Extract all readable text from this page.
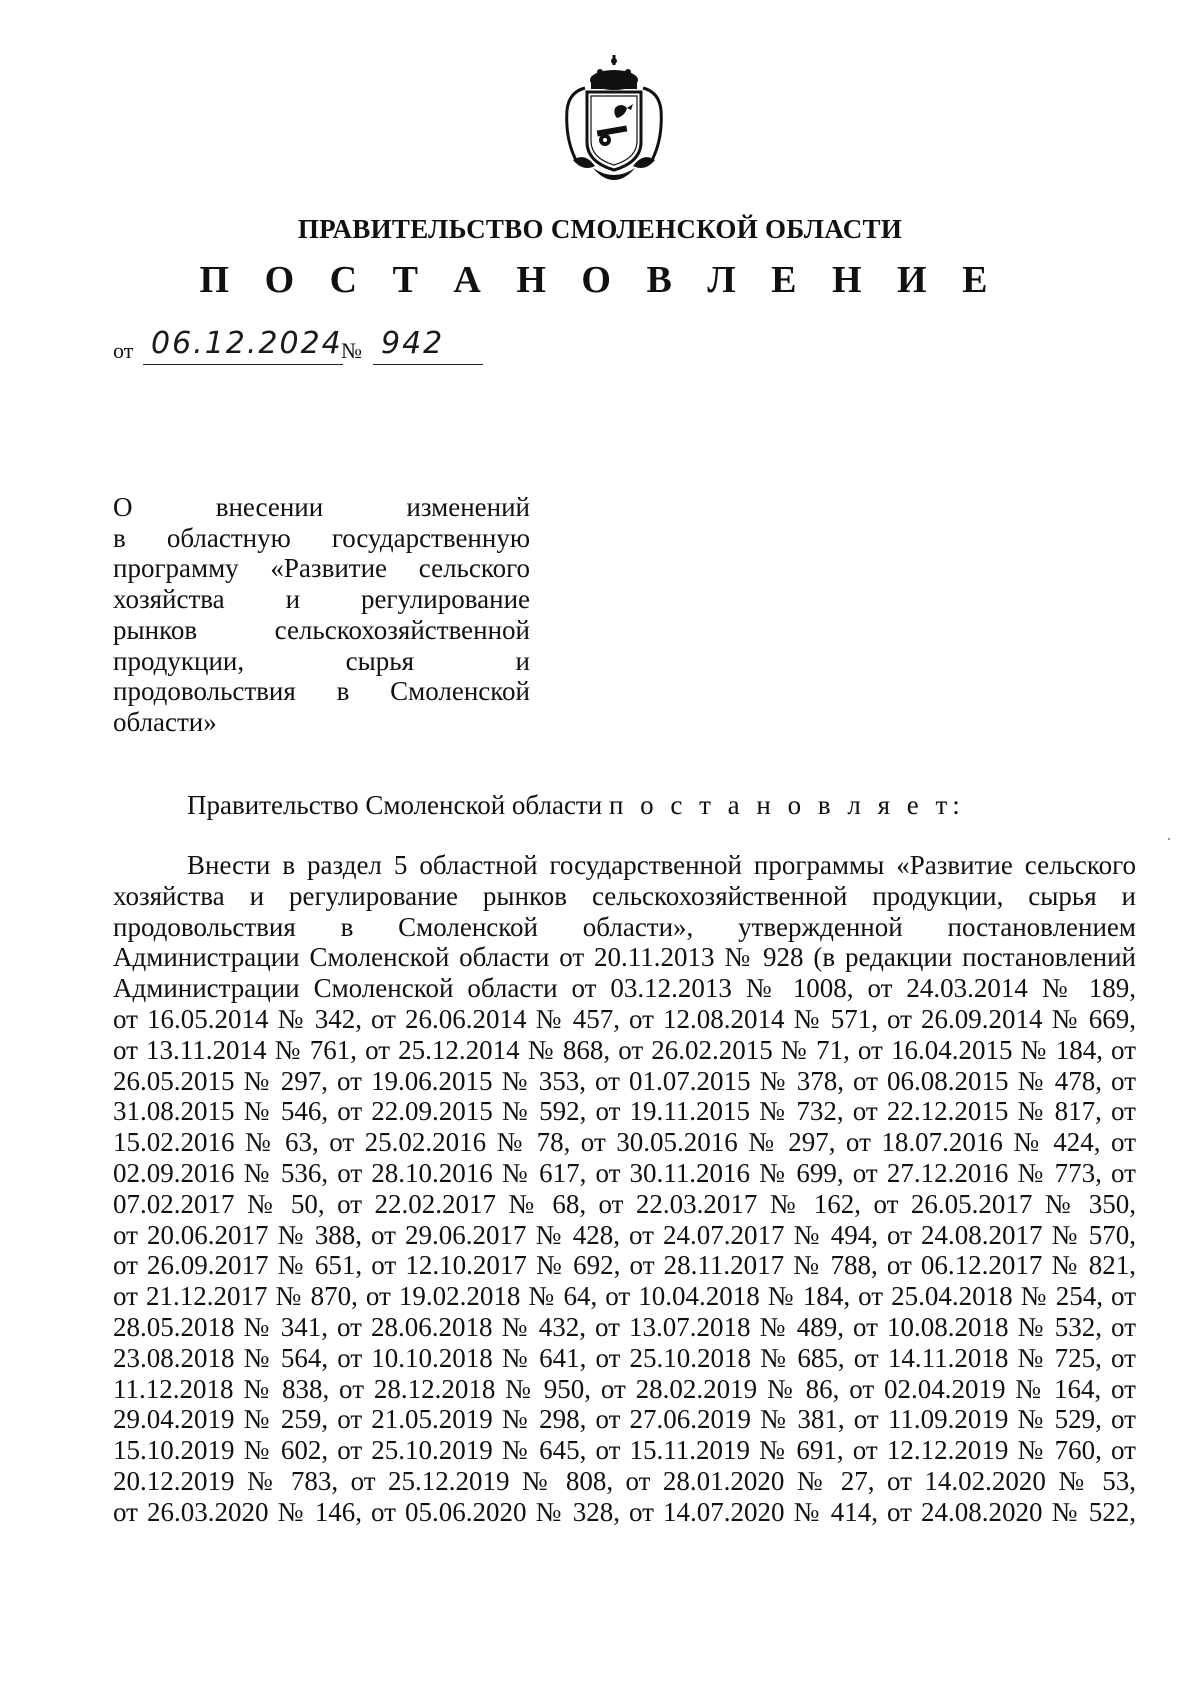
ПРАВИТЕЛЬСТВО СМОЛЕНСКОЙ ОБЛАСТИ
П О С Т А Н О В Л Е Н И Е
от 06.12.2024
№ 942
О внесении изменений
в областную государственную
программу «Развитие сельского
хозяйства и регулирование
рынков сельскохозяйственной
продукции, сырья и
продовольствия в Смоленской
области»
Правительство Смоленской области п о с т а н о в л я е т:
Внести в раздел 5 областной государственной программы «Развитие сельского
хозяйства и регулирование рынков сельскохозяйственной продукции, сырья и
продовольствия в Смоленской области», утвержденной постановлением
Администрации Смоленской области от 20.11.2013 № 928 (в редакции постановлений
Администрации Смоленской области от 03.12.2013 № 1008, от 24.03.2014 № 189,
от 16.05.2014 № 342, от 26.06.2014 № 457, от 12.08.2014 № 571, от 26.09.2014 № 669,
от 13.11.2014 № 761, от 25.12.2014 № 868, от 26.02.2015 № 71, от 16.04.2015 № 184, от
26.05.2015 № 297, от 19.06.2015 № 353, от 01.07.2015 № 378, от 06.08.2015 № 478, от
31.08.2015 № 546, от 22.09.2015 № 592, от 19.11.2015 № 732, от 22.12.2015 № 817, от
15.02.2016 № 63, от 25.02.2016 № 78, от 30.05.2016 № 297, от 18.07.2016 № 424, от
02.09.2016 № 536, от 28.10.2016 № 617, от 30.11.2016 № 699, от 27.12.2016 № 773, от
07.02.2017 № 50, от 22.02.2017 № 68, от 22.03.2017 № 162, от 26.05.2017 № 350,
от 20.06.2017 № 388, от 29.06.2017 № 428, от 24.07.2017 № 494, от 24.08.2017 № 570,
от 26.09.2017 № 651, от 12.10.2017 № 692, от 28.11.2017 № 788, от 06.12.2017 № 821,
от 21.12.2017 № 870, от 19.02.2018 № 64, от 10.04.2018 № 184, от 25.04.2018 № 254, от
28.05.2018 № 341, от 28.06.2018 № 432, от 13.07.2018 № 489, от 10.08.2018 № 532, от
23.08.2018 № 564, от 10.10.2018 № 641, от 25.10.2018 № 685, от 14.11.2018 № 725, от
11.12.2018 № 838, от 28.12.2018 № 950, от 28.02.2019 № 86, от 02.04.2019 № 164, от
29.04.2019 № 259, от 21.05.2019 № 298, от 27.06.2019 № 381, от 11.09.2019 № 529, от
15.10.2019 № 602, от 25.10.2019 № 645, от 15.11.2019 № 691, от 12.12.2019 № 760, от
20.12.2019 № 783, от 25.12.2019 № 808, от 28.01.2020 № 27, от 14.02.2020 № 53,
от 26.03.2020 № 146, от 05.06.2020 № 328, от 14.07.2020 № 414, от 24.08.2020 № 522,
